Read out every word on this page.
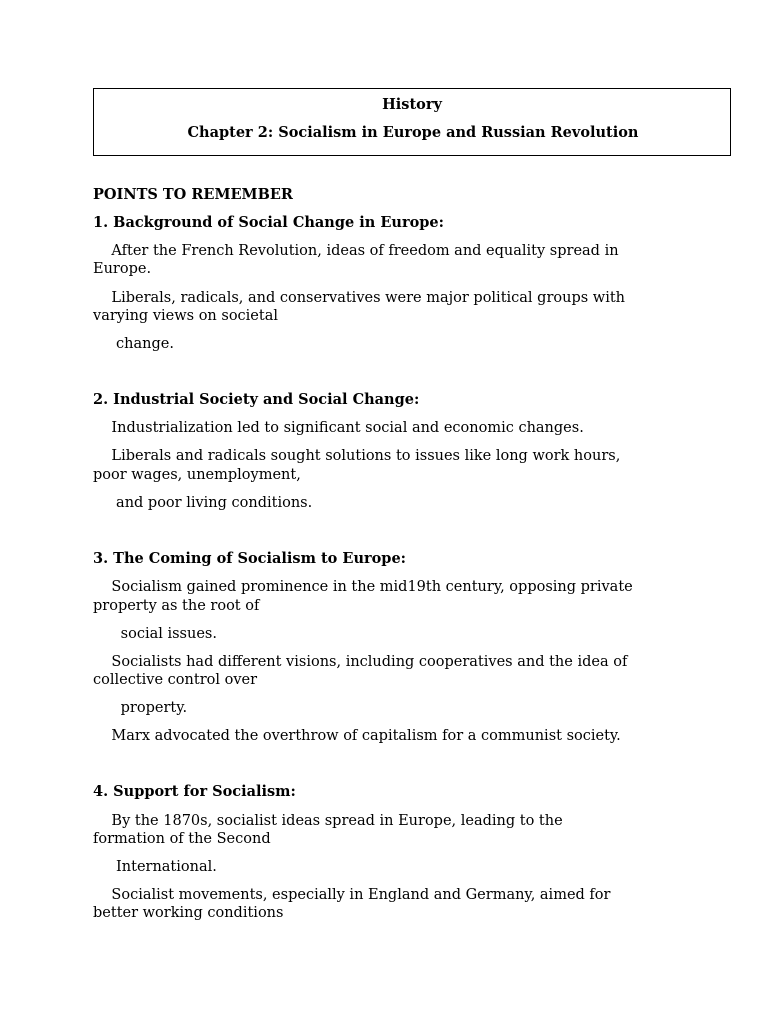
History
Chapter 2: Socialism in Europe and Russian Revolution
POINTS TO REMEMBER
1. Background of Social Change in Europe:
After the French Revolution, ideas of freedom and equality spread in
Europe.
Liberals, radicals, and conservatives were major political groups with
varying views on societal
change.
2. Industrial Society and Social Change:
Industrialization led to significant social and economic changes.
Liberals and radicals sought solutions to issues like long work hours,
poor wages, unemployment,
and poor living conditions.
3. The Coming of Socialism to Europe:
Socialism gained prominence in the mid19th century, opposing private
property as the root of
social issues.
Socialists had different visions, including cooperatives and the idea of
collective control over
property.
Marx advocated the overthrow of capitalism for a communist society.
4. Support for Socialism:
By the 1870s, socialist ideas spread in Europe, leading to the
formation of the Second
International.
Socialist movements, especially in England and Germany, aimed for
better working conditions
